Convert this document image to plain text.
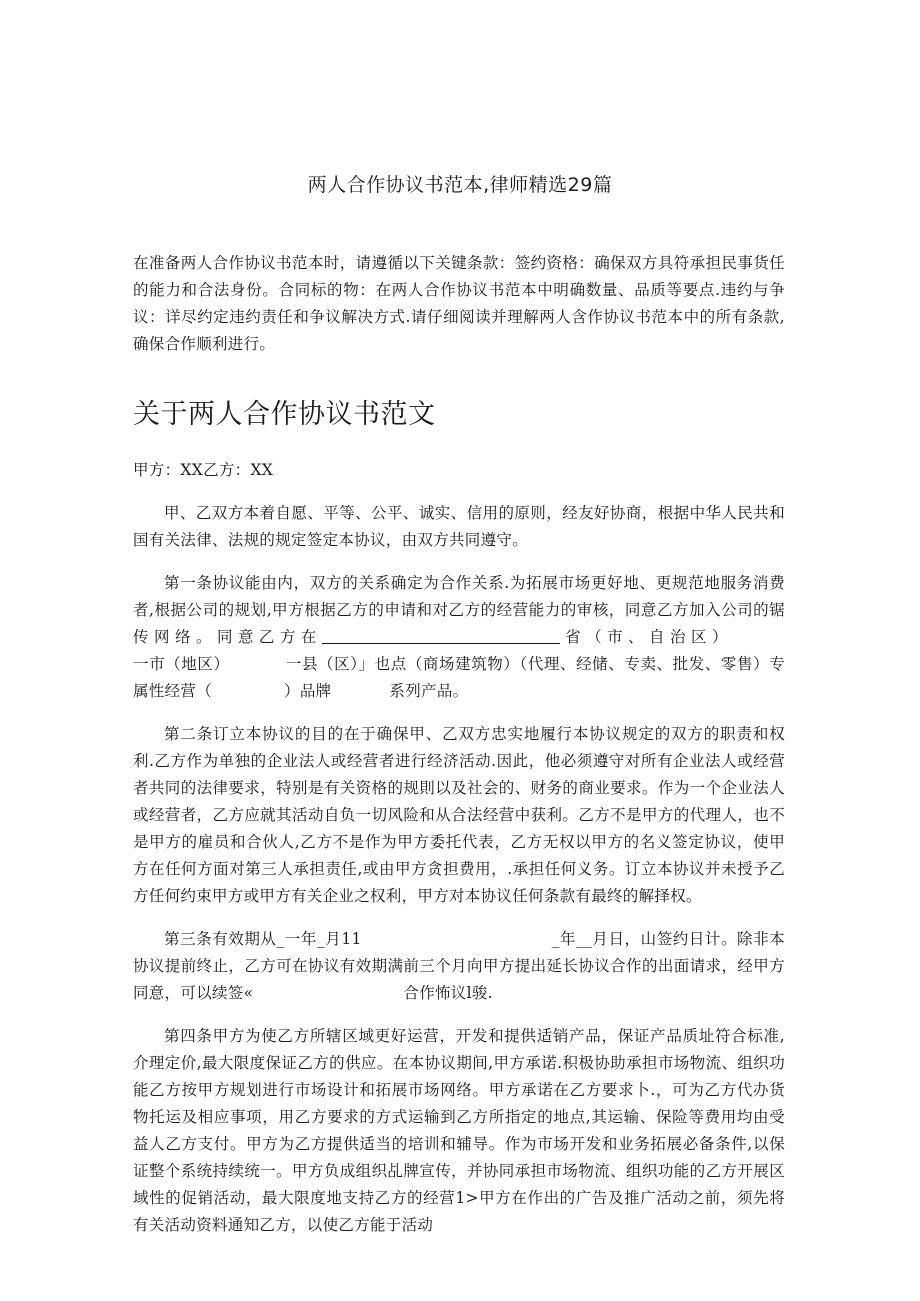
两人合作协议书范本,律师精选29篇

在准备两人合作协议书范本时，请遵循以下关键条款：签约资格：确保双方具符承担民事货任的能力和合法身份。合同标的物：在两人合作协议书范本中明确数量、品质等要点.违约与争议：详尽约定违约责任和争议解决方式.请仔细阅读并理解两人含作协议书范本中的所有条款,确保合作顺利进行。

关于两人合作协议书范文

甲方：XX乙方：XX

甲、乙双方本着自愿、平等、公平、诚实、信用的原则，经友好协商，根据中华人民共和国有关法律、法规的规定签定本协议，由双方共同遵守。

第一条协议能由内，双方的关系确定为合作关系.为拓展市场更好地、更规范地服务消费者,根据公司的规划,甲方根据乙方的申请和对乙方的经营能力的审核，同意乙方加入公司的锯传网络。同意乙方在	省（市、自治区）一市（地区）	一县（区）」也点（商场建筑物）（代理、经储、专卖、批发、零售）专属性经营（	）品牌	系列产品。

第二条订立本协议的目的在于确保甲、乙双方忠实地履行本协议规定的双方的职责和权利.乙方作为单独的企业法人或经营者进行经济活动.因此，他必须遵守对所有企业法人或经营者共同的法律要求，特别是有关资格的规則以及社会的、财务的商业要求。作为一个企业法人或经营者，乙方应就其活动自负一切风险和从合法经营中获利。乙方不是甲方的代理人，也不是甲方的雇员和合伙人,乙方不是作为甲方委托代表，乙方无权以甲方的名义签定协议，使甲方在任何方面对第三人承担责任,或由甲方贪担费用，.承担任何义务。订立本协议并未授予乙方任何约束甲方或甲方有关企业之权利，甲方对本协议任何条款有最终的解择权。

第三条有效期从_一年_月11	_年__月日，山签约日计。除非本协议提前终止，乙方可在协议有效期满前三个月向甲方提出延长协议合作的出面请求，经甲方同意，可以续签«	合作怖议l骏.

第四条甲方为使乙方所辖区域更好运营，开发和提供适销产品，保证产品质址符合标准,介理定价,最大限度保证乙方的供应。在本协议期间,甲方承诺.积极协助承担市场物流、组织功能乙方按甲方规划进行市场设计和拓展市场网络。甲方承诺在乙方要求卜.，可为乙方代办货物托运及相应事项，用乙方要求的方式运输到乙方所指定的地点,其运输、保险等费用均由受益人乙方支付。甲方为乙方提供适当的培训和辅导。作为市场开发和业务拓展必备条件,以保证整个系统持续统一。甲方负成组织乩牌宣传，并协同承担市场物流、组织功能的乙方开展区域性的促销活动，最大限度地支持乙方的经营1>甲方在作出的广告及推广活动之前，须先将有关活动资料通知乙方，以使乙方能于活动
